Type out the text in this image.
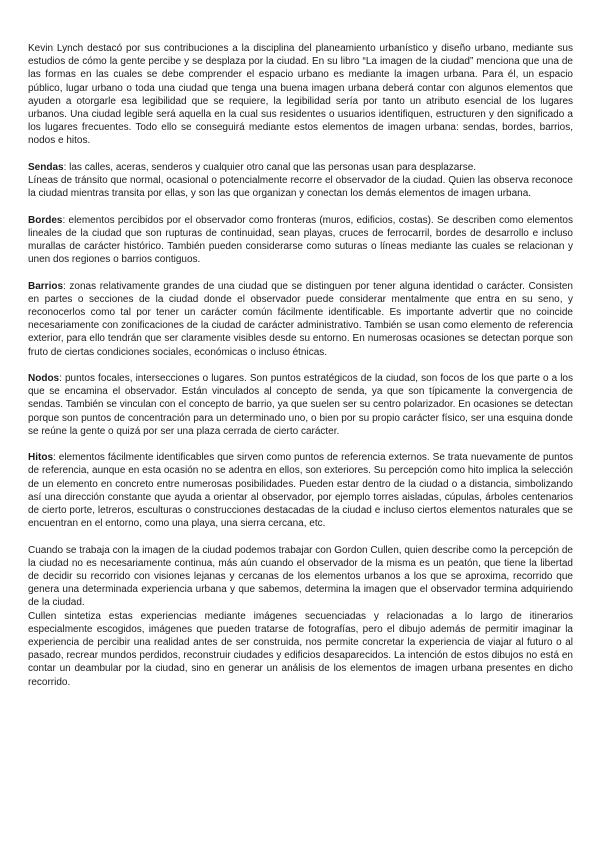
Kevin Lynch destacó por sus contribuciones a la disciplina del planeamiento urbanístico y diseño urbano, mediante sus estudios de cómo la gente percibe y se desplaza por la ciudad. En su libro “La imagen de la ciudad” menciona que una de las formas en las cuales se debe comprender el espacio urbano es mediante la imagen urbana. Para él, un espacio público, lugar urbano o toda una ciudad que tenga una buena imagen urbana deberá contar con algunos elementos que ayuden a otorgarle esa legibilidad que se requiere, la legibilidad sería por tanto un atributo esencial de los lugares urbanos. Una ciudad legible será aquella en la cual sus residentes o usuarios identifiquen, estructuren y den significado a los lugares frecuentes. Todo ello se conseguirá mediante estos elementos de imagen urbana: sendas, bordes, barrios, nodos e hitos.

Sendas: las calles, aceras, senderos y cualquier otro canal que las personas usan para desplazarse.

Líneas de tránsito que normal, ocasional o potencialmente recorre el observador de la ciudad. Quien las observa reconoce la ciudad mientras transita por ellas, y son las que organizan y conectan los demás elementos de imagen urbana.

Bordes: elementos percibidos por el observador como fronteras (muros, edificios, costas). Se describen como elementos lineales de la ciudad que son rupturas de continuidad, sean playas, cruces de ferrocarril, bordes de desarrollo e incluso murallas de carácter histórico. También pueden considerarse como suturas o líneas mediante las cuales se relacionan y unen dos regiones o barrios contiguos.

Barrios: zonas relativamente grandes de una ciudad que se distinguen por tener alguna identidad o carácter. Consisten en partes o secciones de la ciudad donde el observador puede considerar mentalmente que entra en su seno, y reconocerlos como tal por tener un carácter común fácilmente identificable. Es importante advertir que no coincide necesariamente con zonificaciones de la ciudad de carácter administrativo. También se usan como elemento de referencia exterior, para ello tendrán que ser claramente visibles desde su entorno. En numerosas ocasiones se detectan porque son fruto de ciertas condiciones sociales, económicas o incluso étnicas.

Nodos: puntos focales, intersecciones o lugares. Son puntos estratégicos de la ciudad, son focos de los que parte o a los que se encamina el observador. Están vinculados al concepto de senda, ya que son típicamente la convergencia de sendas. También se vinculan con el concepto de barrio, ya que suelen ser su centro polarizador. En ocasiones se detectan porque son puntos de concentración para un determinado uno, o bien por su propio carácter físico, ser una esquina donde se reúne la gente o quizá por ser una plaza cerrada de cierto carácter.

Hitos: elementos fácilmente identificables que sirven como puntos de referencia externos. Se trata nuevamente de puntos de referencia, aunque en esta ocasión no se adentra en ellos, son exteriores. Su percepción como hito implica la selección de un elemento en concreto entre numerosas posibilidades. Pueden estar dentro de la ciudad o a distancia, simbolizando así una dirección constante que ayuda a orientar al observador, por ejemplo torres aisladas, cúpulas, árboles centenarios de cierto porte, letreros, esculturas o construcciones destacadas de la ciudad e incluso ciertos elementos naturales que se encuentran en el entorno, como una playa, una sierra cercana, etc.

Cuando se trabaja con la imagen de la ciudad podemos trabajar con Gordon Cullen, quien describe como la percepción de la ciudad no es necesariamente continua, más aún cuando el observador de la misma es un peatón, que tiene la libertad de decidir su recorrido con visiones lejanas y cercanas de los elementos urbanos a los que se aproxima, recorrido que genera una determinada experiencia urbana y que sabemos, determina la imagen que el observador termina adquiriendo de la ciudad.

Cullen sintetiza estas experiencias mediante imágenes secuenciadas y relacionadas a lo largo de itinerarios especialmente escogidos, imágenes que pueden tratarse de fotografías, pero el dibujo además de permitir imaginar la experiencia de percibir una realidad antes de ser construida, nos permite concretar la experiencia de viajar al futuro o al pasado, recrear mundos perdidos, reconstruir ciudades y edificios desaparecidos. La intención de estos dibujos no está en contar un deambular por la ciudad, sino en generar un análisis de los elementos de imagen urbana presentes en dicho recorrido.
